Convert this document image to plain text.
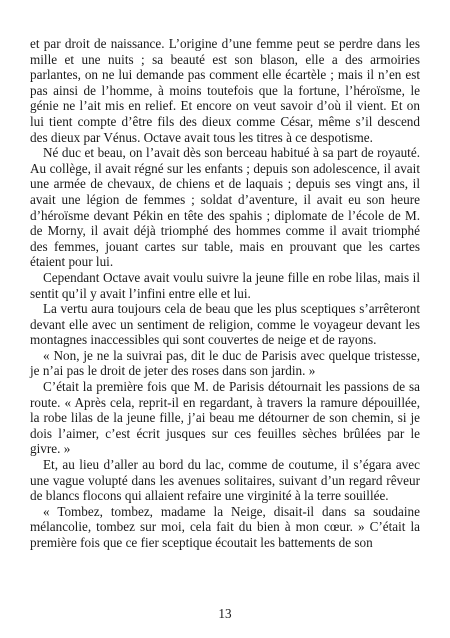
et par droit de naissance. L’origine d’une femme peut se perdre dans les mille et une nuits ; sa beauté est son blason, elle a des armoiries parlantes, on ne lui demande pas comment elle écartèle ; mais il n’en est pas ainsi de l’homme, à moins toutefois que la fortune, l’héroïsme, le génie ne l’ait mis en relief. Et encore on veut savoir d’où il vient. Et on lui tient compte d’être fils des dieux comme César, même s’il descend des dieux par Vénus. Octave avait tous les titres à ce despotisme.

Né duc et beau, on l’avait dès son berceau habitué à sa part de royauté. Au collège, il avait régné sur les enfants ; depuis son adolescence, il avait une armée de chevaux, de chiens et de laquais ; depuis ses vingt ans, il avait une légion de femmes ; soldat d’aventure, il avait eu son heure d’héroïsme devant Pékin en tête des spahis ; diplomate de l’école de M. de Morny, il avait déjà triomphé des hommes comme il avait triomphé des femmes, jouant cartes sur table, mais en prouvant que les cartes étaient pour lui.

Cependant Octave avait voulu suivre la jeune fille en robe lilas, mais il sentit qu’il y avait l’infini entre elle et lui.

La vertu aura toujours cela de beau que les plus sceptiques s’arrêteront devant elle avec un sentiment de religion, comme le voyageur devant les montagnes inaccessibles qui sont couvertes de neige et de rayons.

« Non, je ne la suivrai pas, dit le duc de Parisis avec quelque tristesse, je n’ai pas le droit de jeter des roses dans son jardin. »

C’était la première fois que M. de Parisis détournait les passions de sa route. « Après cela, reprit-il en regardant, à travers la ramure dépouillée, la robe lilas de la jeune fille, j’ai beau me détourner de son chemin, si je dois l’aimer, c’est écrit jusques sur ces feuilles sèches brûlées par le givre. »

Et, au lieu d’aller au bord du lac, comme de coutume, il s’égara avec une vague volupté dans les avenues solitaires, suivant d’un regard rêveur de blancs flocons qui allaient refaire une virginité à la terre souillée.

« Tombez, tombez, madame la Neige, disait-il dans sa soudaine mélancolie, tombez sur moi, cela fait du bien à mon cœur. » C’était la première fois que ce fier sceptique écoutait les battements de son

13
